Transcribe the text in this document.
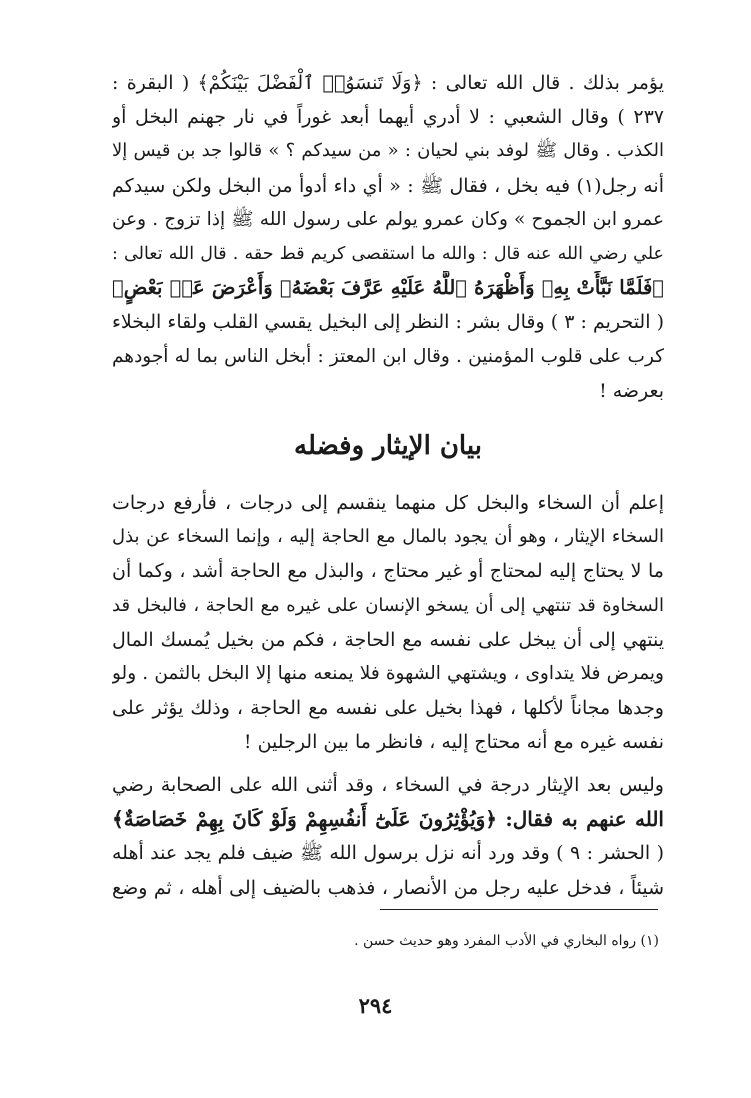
يؤمر بذلك . قال الله تعالى : ﴿وَلَا تَنسَوُا۟ ٱلْفَضْلَ بَيْنَكُمْ﴾ ( البقرة :
٢٣٧ ) وقال الشعبي : لا أدري أيهما أبعد غوراً في نار جهنم البخل أو
الكذب . وقال ﷺ لوفد بني لحيان : « من سيدكم ؟ » قالوا جد بن قيس إلا
أنه رجل(١) فيه بخل ، فقال ﷺ : « أي داء أدوأ من البخل ولكن سيدكم
عمرو ابن الجموح » وكان عمرو يولم على رسول الله ﷺ إذا تزوج . وعن
علي رضي الله عنه قال : والله ما استقصى كريم قط حقه . قال الله تعالى :
﴿فَلَمَّا نَبَّأَتْ بِهِۦ وَأَظْهَرَهُ ٱللَّهُ عَلَيْهِ عَرَّفَ بَعْضَهُۥ وَأَعْرَضَ عَنۢ بَعْضٍ﴾
( التحريم : ٣ ) وقال بشر : النظر إلى البخيل يقسي القلب ولقاء البخلاء
كرب على قلوب المؤمنين . وقال ابن المعتز : أبخل الناس بما له أجودهم
بعرضه !
بيان الإيثار وفضله
إعلم أن السخاء والبخل كل منهما ينقسم إلى درجات ، فأرفع درجات
السخاء الإيثار ، وهو أن يجود بالمال مع الحاجة إليه ، وإنما السخاء عن بذل
ما لا يحتاج إليه لمحتاج أو غير محتاج ، والبذل مع الحاجة أشد ، وكما أن
السخاوة قد تنتهي إلى أن يسخو الإنسان على غيره مع الحاجة ، فالبخل قد
ينتهي إلى أن يبخل على نفسه مع الحاجة ، فكم من بخيل يُمسك المال
ويمرض فلا يتداوى ، ويشتهي الشهوة فلا يمنعه منها إلا البخل بالثمن . ولو
وجدها مجاناً لأكلها ، فهذا بخيل على نفسه مع الحاجة ، وذلك يؤثر على
نفسه غيره مع أنه محتاج إليه ، فانظر ما بين الرجلين !
وليس بعد الإيثار درجة في السخاء ، وقد أثنى الله على الصحابة رضي
الله عنهم به فقال: ﴿وَيُؤْثِرُونَ عَلَىٰٓ أَنفُسِهِمْ وَلَوْ كَانَ بِهِمْ خَصَاصَةٌ﴾
( الحشر : ٩ ) وقد ورد أنه نزل برسول الله ﷺ ضيف فلم يجد عند أهله
شيئاً ، فدخل عليه رجل من الأنصار ، فذهب بالضيف إلى أهله ، ثم وضع
(١) رواه البخاري في الأدب المفرد وهو حديث حسن .
٢٩٤
